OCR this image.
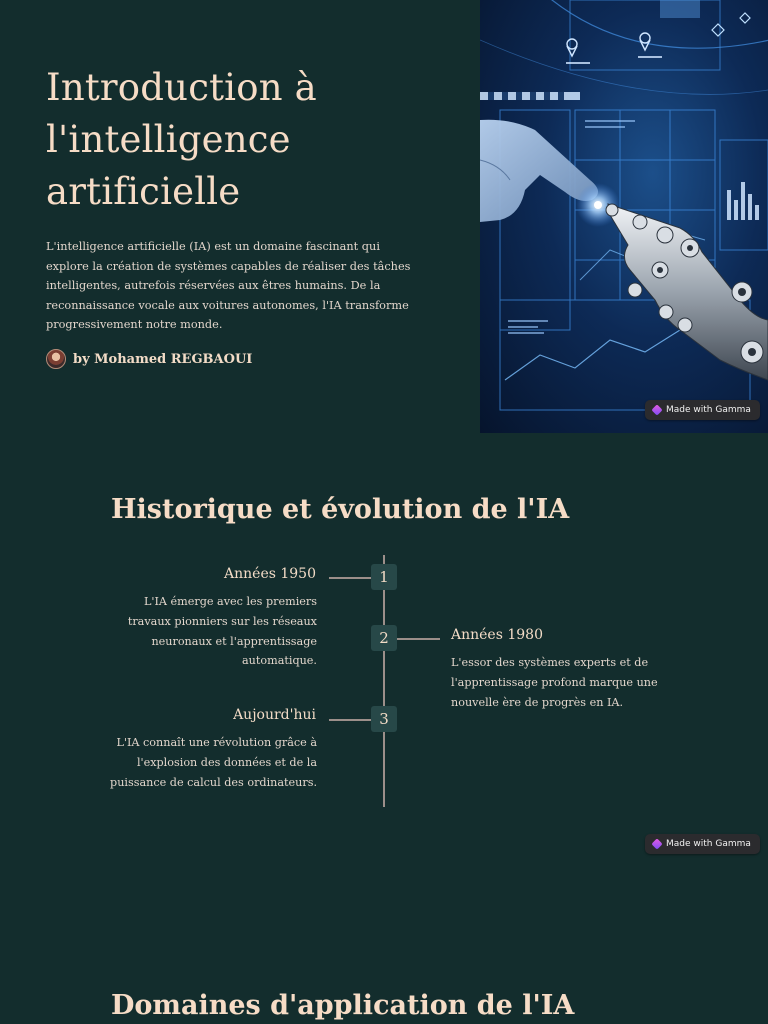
Introduction à l'intelligence artificielle

L'intelligence artificielle (IA) est un domaine fascinant qui explore la création de systèmes capables de réaliser des tâches intelligentes, autrefois réservées aux êtres humains. De la reconnaissance vocale aux voitures autonomes, l'IA transforme progressivement notre monde.

by Mohamed REGBAOUI
Made with Gamma
Historique et évolution de l'IA
1
Années 1950
L'IA émerge avec les premiers travaux pionniers sur les réseaux neuronaux et l'apprentissage automatique.
2	Années 1980
L'essor des systèmes experts et de l'apprentissage profond marque une nouvelle ère de progrès en IA.
3
Aujourd'hui
L'IA connaît une révolution grâce à l'explosion des données et de la puissance de calcul des ordinateurs.
Made with Gamma
Domaines d'application de l'IA
